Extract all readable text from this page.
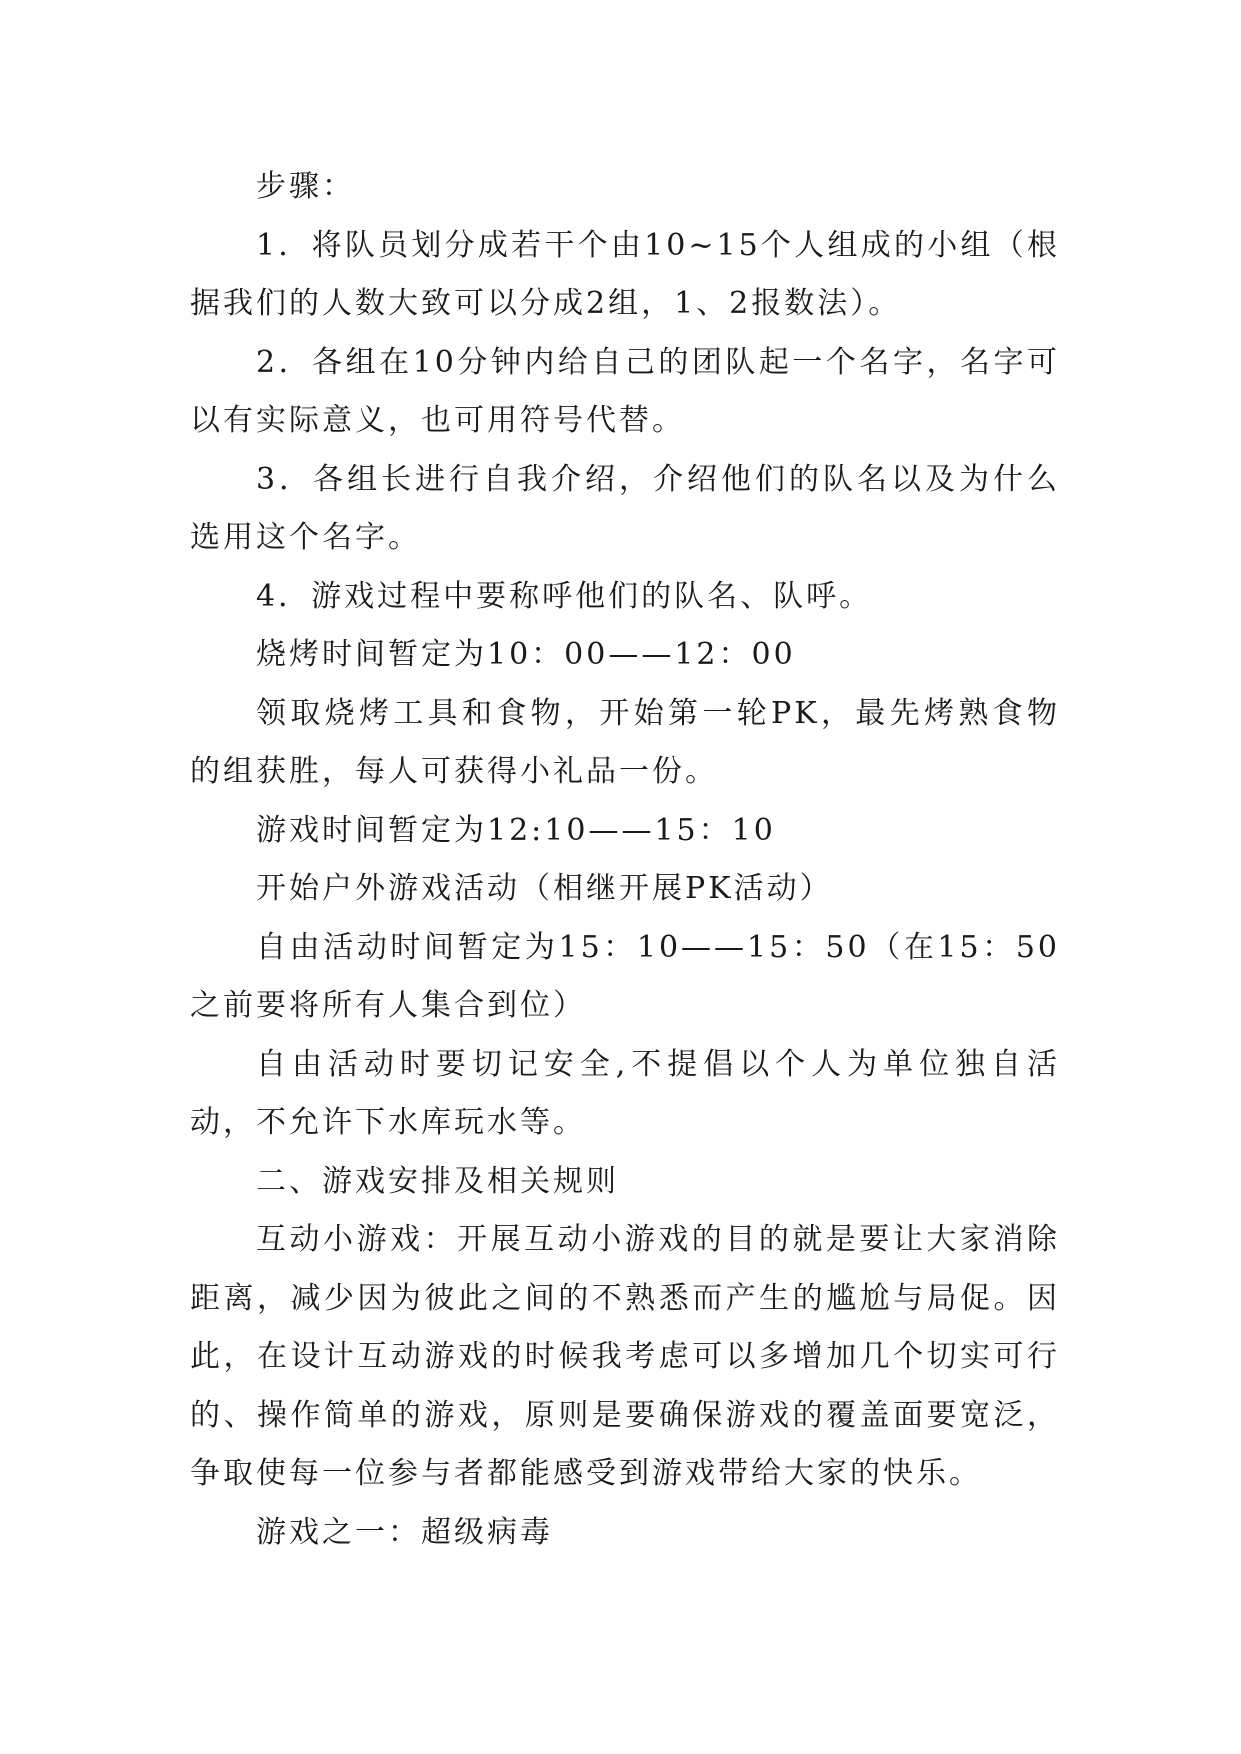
步骤：

1．将队员划分成若干个由10~15个人组成的小组（根据我们的人数大致可以分成2组，1、2报数法）。

2．各组在10分钟内给自己的团队起一个名字，名字可以有实际意义，也可用符号代替。

3．各组长进行自我介绍，介绍他们的队名以及为什么选用这个名字。

4．游戏过程中要称呼他们的队名、队呼。

烧烤时间暂定为10：00——12：00

领取烧烤工具和食物，开始第一轮PK，最先烤熟食物的组获胜，每人可获得小礼品一份。

游戏时间暂定为12:10——15：10

开始户外游戏活动（相继开展PK活动）

自由活动时间暂定为15：10——15：50（在15：50之前要将所有人集合到位）

自由活动时要切记安全,不提倡以个人为单位独自活动，不允许下水库玩水等。

二、游戏安排及相关规则

互动小游戏：开展互动小游戏的目的就是要让大家消除距离，减少因为彼此之间的不熟悉而产生的尴尬与局促。因此，在设计互动游戏的时候我考虑可以多增加几个切实可行的、操作简单的游戏，原则是要确保游戏的覆盖面要宽泛，争取使每一位参与者都能感受到游戏带给大家的快乐。

游戏之一：超级病毒
